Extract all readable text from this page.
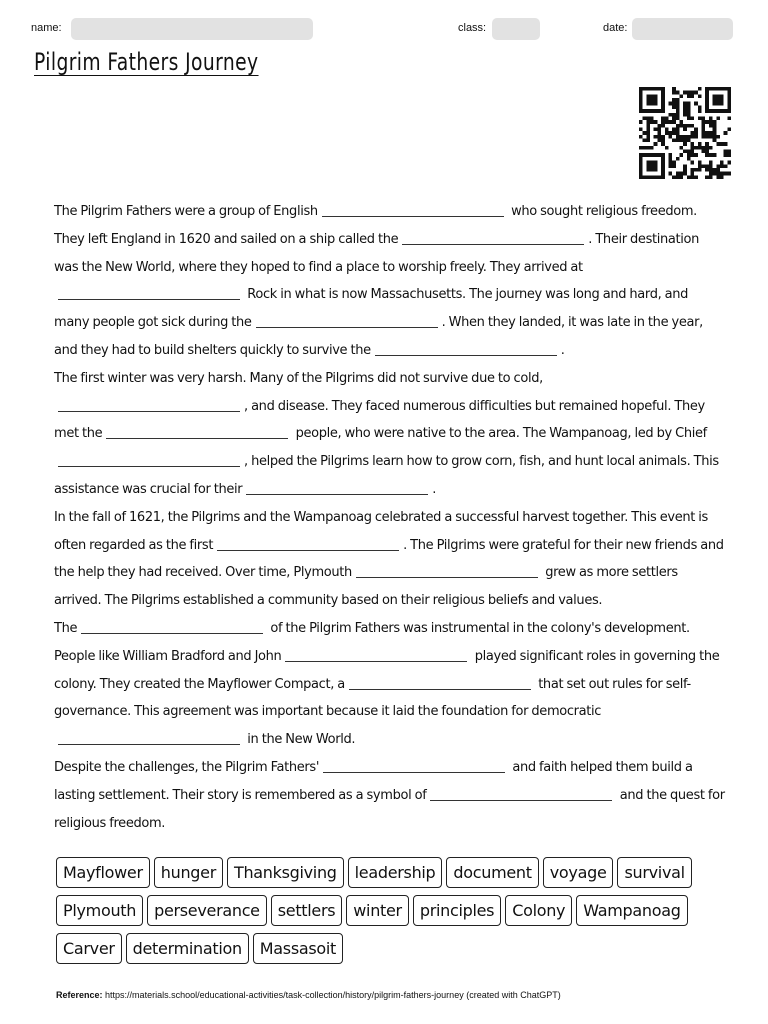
name:	class:	date:
Pilgrim Fathers Journey

The Pilgrim Fathers were a group of English	who sought religious freedom. They left England in 1620 and sailed on a ship called the	. Their destination was the New World, where they hoped to find a place to worship freely. They arrived at Rock in what is now Massachusetts. The journey was long and hard, and many people got sick during the	. When they landed, it was late in the year, and they had to build shelters quickly to survive the	.

The first winter was very harsh. Many of the Pilgrims did not survive due to cold,, and disease. They faced numerous difficulties but remained hopeful. They met the	people, who were native to the area. The Wampanoag, led by Chief, helped the Pilgrims learn how to grow corn, fish, and hunt local animals. This assistance was crucial for their	.

In the fall of 1621, the Pilgrims and the Wampanoag celebrated a successful harvest together. This event is often regarded as the first	. The Pilgrims were grateful for their new friends and the help they had received. Over time, Plymouth	grew as more settlers arrived. The Pilgrims established a community based on their religious beliefs and values.

The	of the Pilgrim Fathers was instrumental in the colony's development. People like William Bradford and John	played significant roles in governing the colony. They created the Mayflower Compact, a	that set out rules for self-governance. This agreement was important because it laid the foundation for democratic in the New World.

Despite the challenges, the Pilgrim Fathers'	and faith helped them build a lasting settlement. Their story is remembered as a symbol of	and the quest for religious freedom.

Mayflower	hunger	Thanksgiving	leadership	document	voyage	survival
Plymouth	perseverance	settlers	winter	principles	Colony	Wampanoag
Carver	determination	Massasoit
Reference: https://materials.school/educational-activities/task-collection/history/pilgrim-fathers-journey (created with ChatGPT)
